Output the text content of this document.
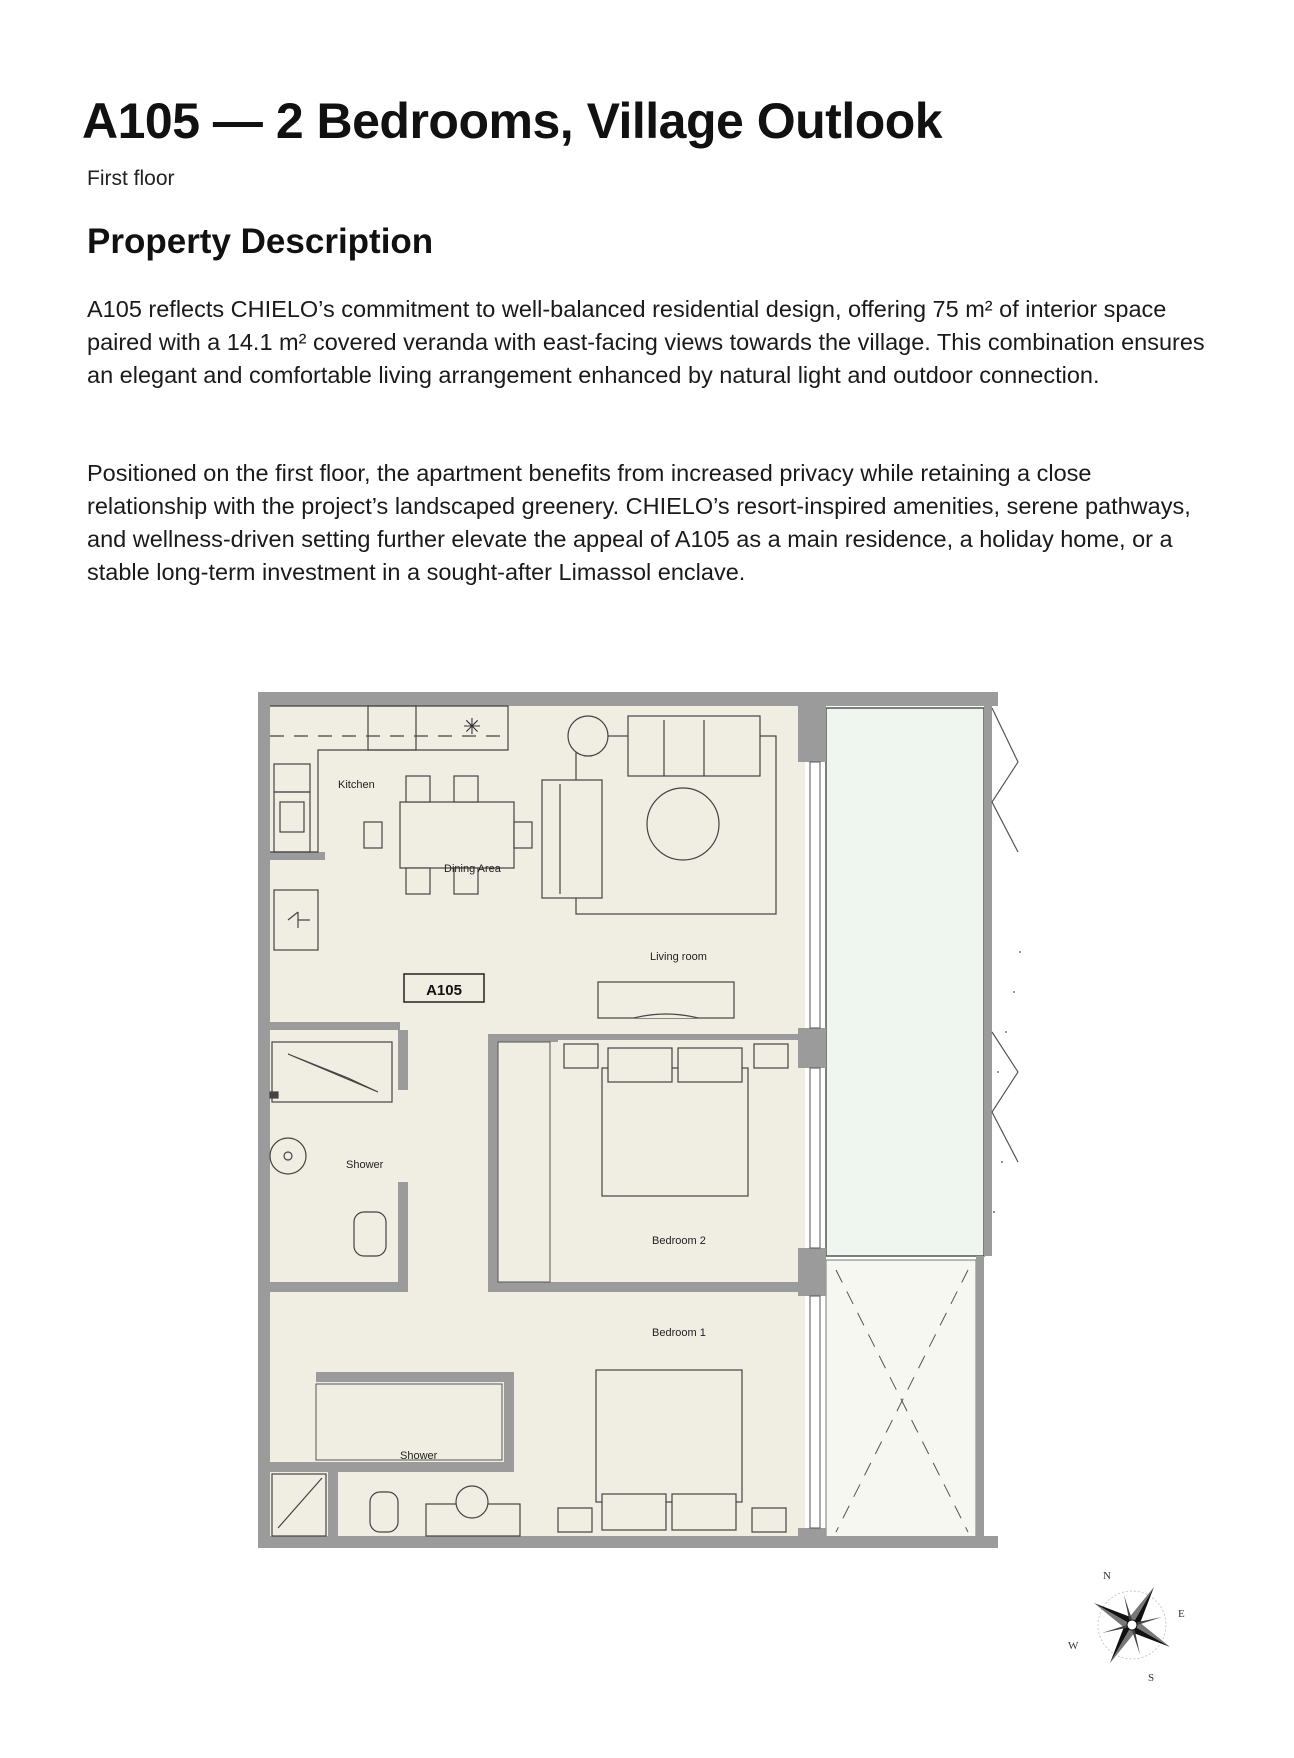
A105 — 2 Bedrooms, Village Outlook

First floor

Property Description

A105 reflects CHIELO’s commitment to well-balanced residential design, offering 75 m² of interior space paired with a 14.1 m² covered veranda with east-facing views towards the village. This combination ensures an elegant and comfortable living arrangement enhanced by natural light and outdoor connection.

Positioned on the first floor, the apartment benefits from increased privacy while retaining a close relationship with the project’s landscaped greenery. CHIELO’s resort-inspired amenities, serene pathways, and wellness-driven setting further elevate the appeal of A105 as a main residence, a holiday home, or a stable long-term investment in a sought-after Limassol enclave.

✳
Kitchen
Dining Area
Living room
A105
Shower
Bedroom 2
Bedroom 1
Shower
N
E
S
W
